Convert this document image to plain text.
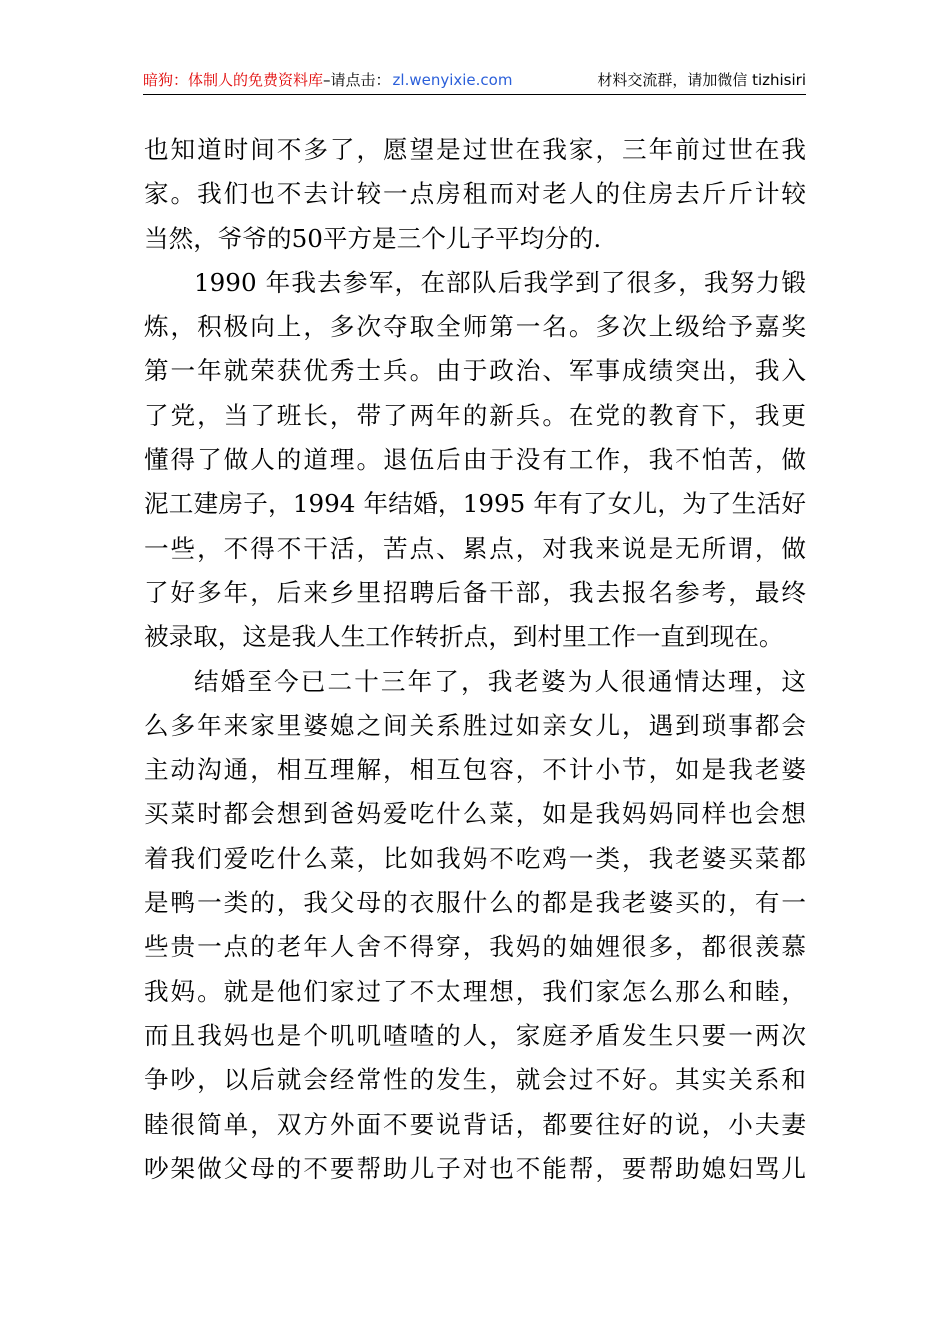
暗狗：体制人的免费资料库 –请点击： zl.wenyixie.com	材料交流群，请加微信 tizhisiri
也知道时间不多了，愿望是过世在我家，三年前过世在我
家。我们也不去计较一点房租而对老人的住房去斤斤计较
当然，爷爷的50平方是三个儿子平均分的.
1990 年我去参军，在部队后我学到了很多，我努力锻
炼，积极向上，多次夺取全师第一名。多次上级给予嘉奖
第一年就荣获优秀士兵。由于政治、军事成绩突出，我入
了党，当了班长，带了两年的新兵。在党的教育下，我更
懂得了做人的道理。退伍后由于没有工作，我不怕苦，做
泥工建房子，1994 年结婚，1995 年有了女儿，为了生活好
一些，不得不干活，苦点、累点，对我来说是无所谓，做
了好多年，后来乡里招聘后备干部，我去报名参考，最终
被录取，这是我人生工作转折点，到村里工作一直到现在。
结婚至今已二十三年了，我老婆为人很通情达理，这
么多年来家里婆媳之间关系胜过如亲女儿，遇到琐事都会
主动沟通，相互理解，相互包容，不计小节，如是我老婆
买菜时都会想到爸妈爱吃什么菜，如是我妈妈同样也会想
着我们爱吃什么菜，比如我妈不吃鸡一类，我老婆买菜都
是鸭一类的，我父母的衣服什么的都是我老婆买的，有一
些贵一点的老年人舍不得穿，我妈的妯娌很多，都很羡慕
我妈。就是他们家过了不太理想，我们家怎么那么和睦，
而且我妈也是个叽叽喳喳的人，家庭矛盾发生只要一两次
争吵，以后就会经常性的发生，就会过不好。其实关系和
睦很简单，双方外面不要说背话，都要往好的说，小夫妻
吵架做父母的不要帮助儿子对也不能帮，要帮助媳妇骂儿
